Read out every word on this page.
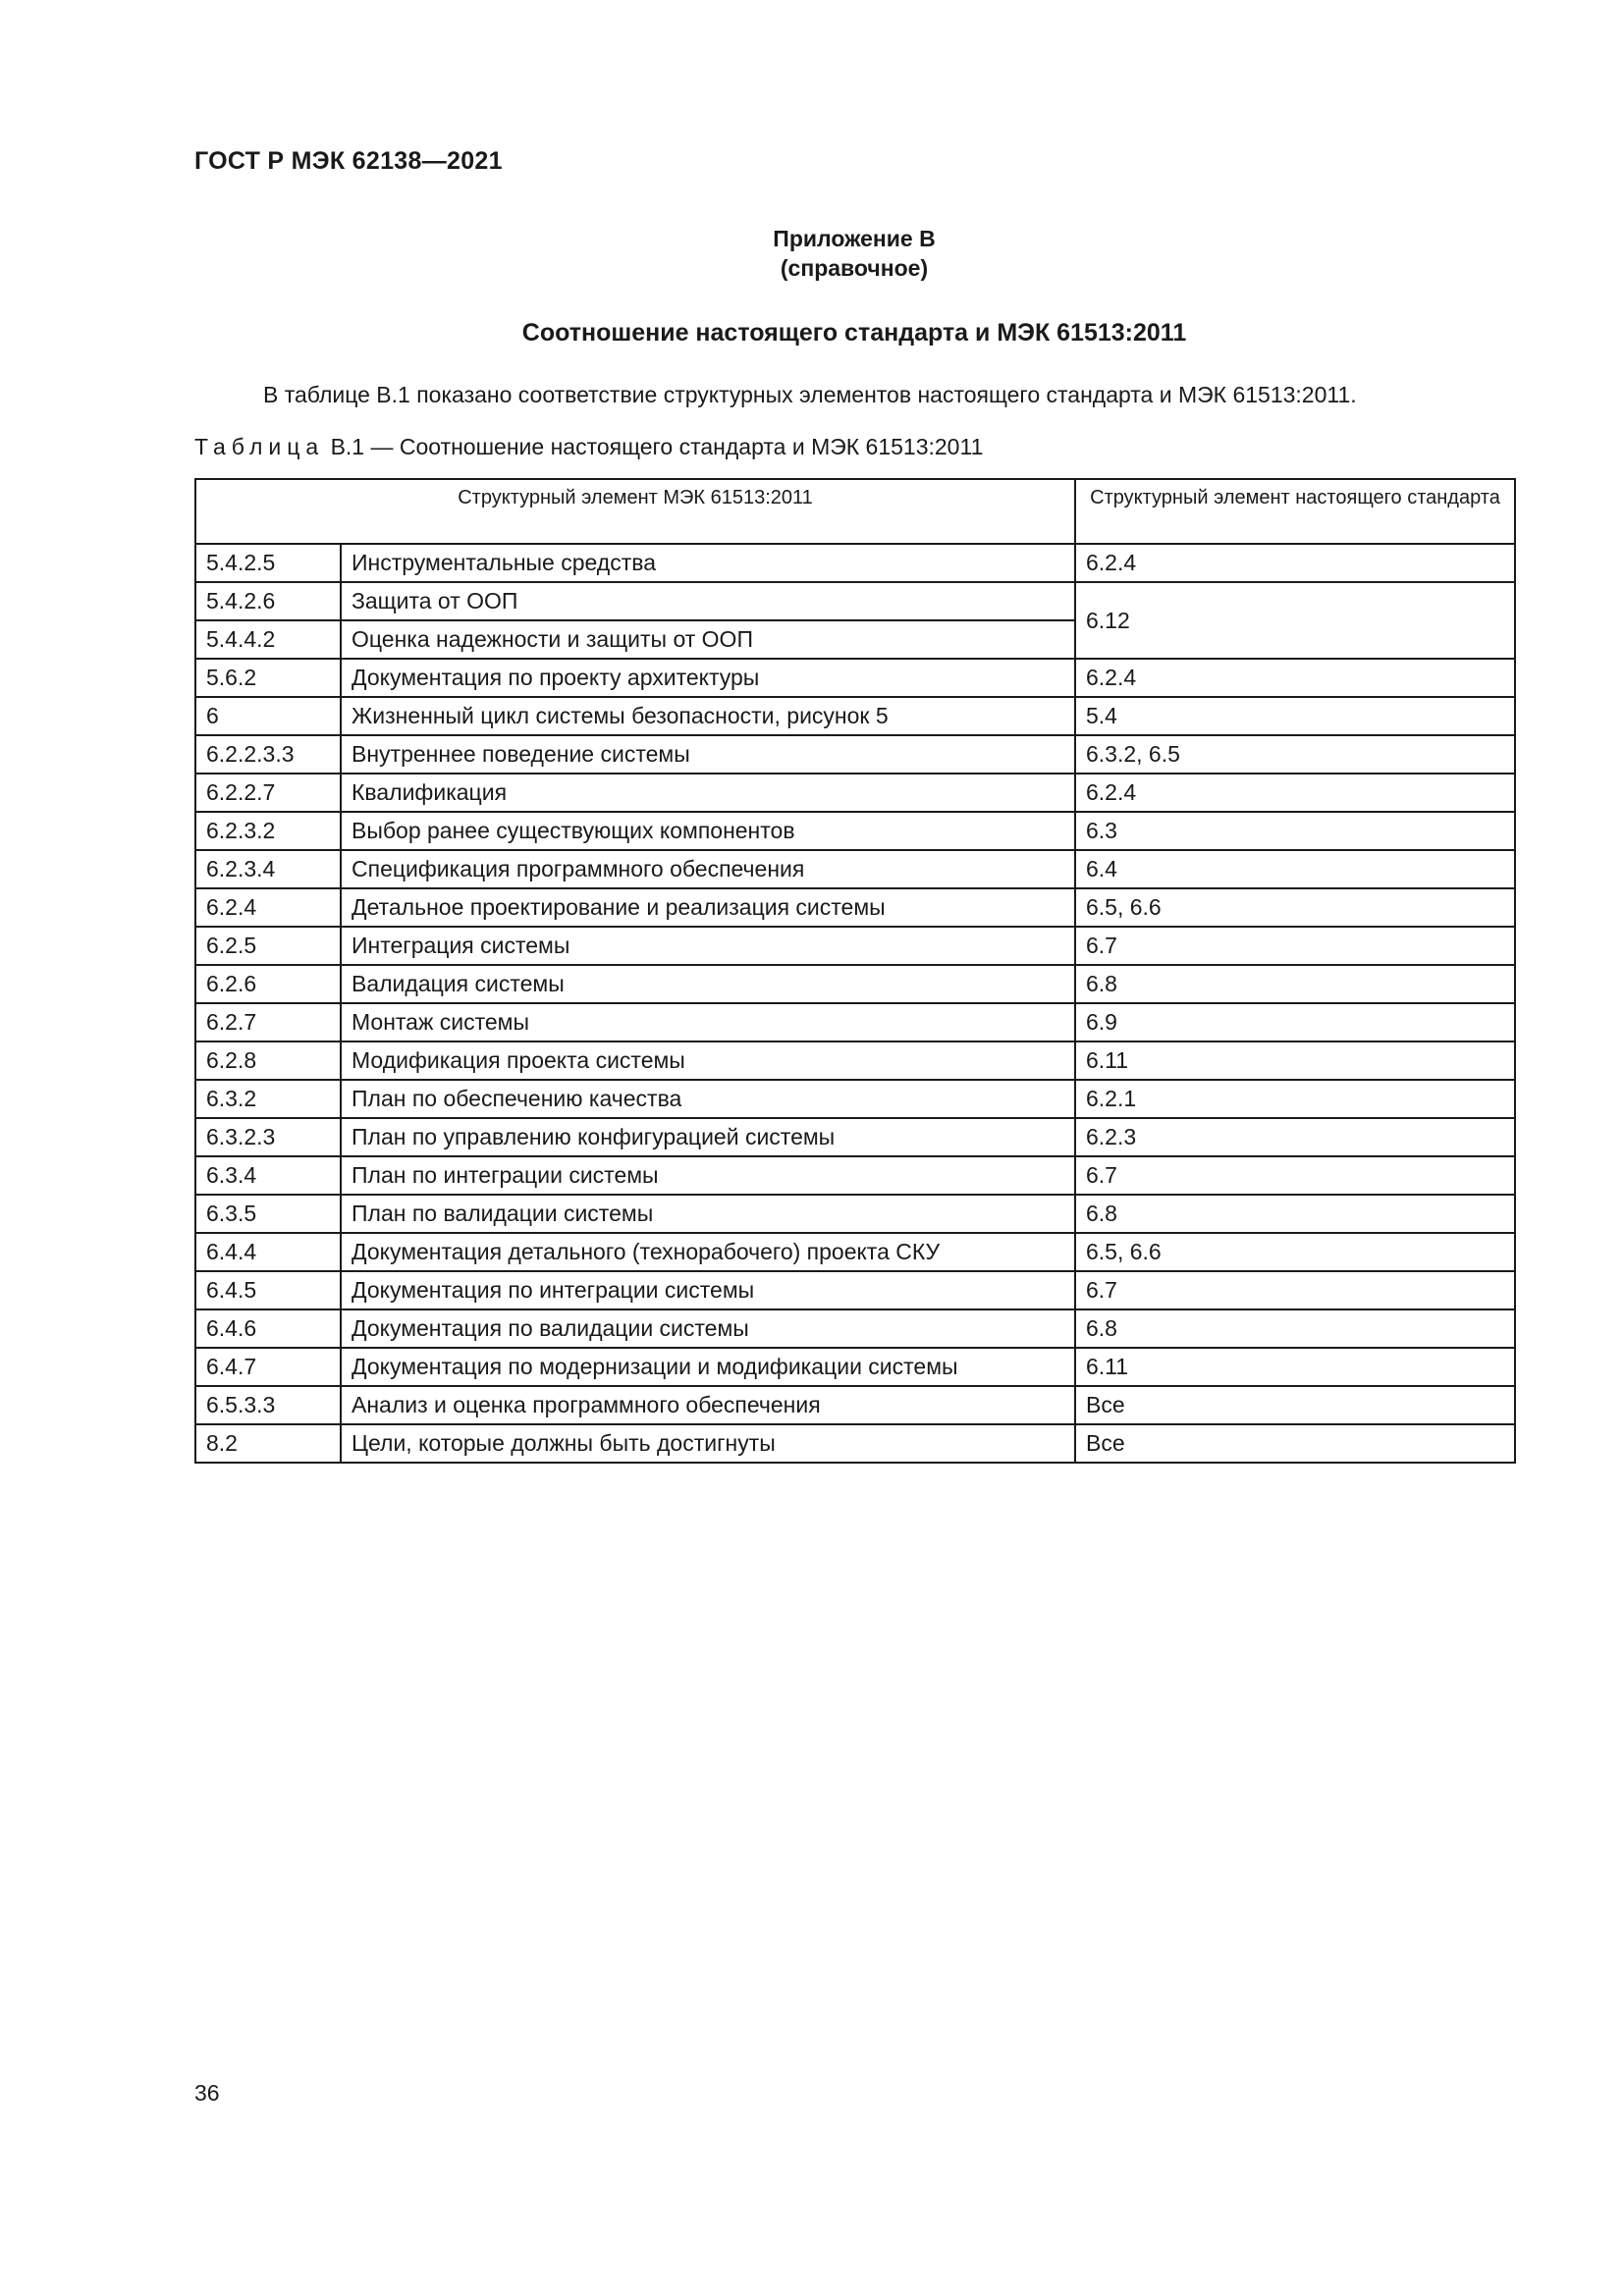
ГОСТ Р МЭК 62138—2021
Приложение В
(справочное)
Соотношение настоящего стандарта и МЭК 61513:2011
В таблице В.1 показано соответствие структурных элементов настоящего стандарта и МЭК 61513:2011.
Таблица В.1 — Соотношение настоящего стандарта и МЭК 61513:2011
Структурный элемент МЭК 61513:2011		Структурный элемент настоящего стандарта
5.4.2.5	Инструментальные средства	6.2.4
5.4.2.6	Защита от ООП	6.12
5.4.4.2	Оценка надежности и защиты от ООП	
5.6.2	Документация по проекту архитектуры	6.2.4
6	Жизненный цикл системы безопасности, рисунок 5	5.4
6.2.2.3.3	Внутреннее поведение системы	6.3.2, 6.5
6.2.2.7	Квалификация	6.2.4
6.2.3.2	Выбор ранее существующих компонентов	6.3
6.2.3.4	Спецификация программного обеспечения	6.4
6.2.4	Детальное проектирование и реализация системы	6.5, 6.6
6.2.5	Интеграция системы	6.7
6.2.6	Валидация системы	6.8
6.2.7	Монтаж системы	6.9
6.2.8	Модификация проекта системы	6.11
6.3.2	План по обеспечению качества	6.2.1
6.3.2.3	План по управлению конфигурацией системы	6.2.3
6.3.4	План по интеграции системы	6.7
6.3.5	План по валидации системы	6.8
6.4.4	Документация детального (технорабочего) проекта СКУ	6.5, 6.6
6.4.5	Документация по интеграции системы	6.7
6.4.6	Документация по валидации системы	6.8
6.4.7	Документация по модернизации и модификации системы	6.11
6.5.3.3	Анализ и оценка программного обеспечения	Все
8.2	Цели, которые должны быть достигнуты	Все
36
